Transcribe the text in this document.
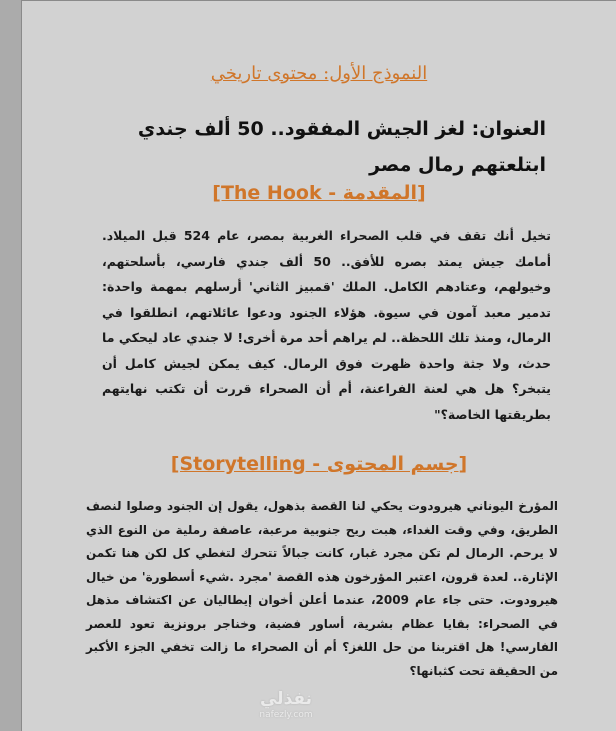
النموذج الأول: محتوى تاريخي
العنوان: لغز الجيش المفقود.. 50 ألف جندي ابتلعتهم رمال مصر
[The Hook - المقدمة]
تخيل أنك تقف في قلب الصحراء الغربية بمصر، عام 524 قبل الميلاد. أمامك جيش يمتد بصره للأفق.. 50 ألف جندي فارسي، بأسلحتهم، وخيولهم، وعتادهم الكامل. الملك 'قمبيز الثاني' أرسلهم بمهمة واحدة: تدمير معبد آمون في سيوة. هؤلاء الجنود ودعوا عائلاتهم، انطلقوا في الرمال، ومنذ تلك اللحظة.. لم يراهم أحد مرة أخرى! لا جندي عاد ليحكي ما حدث، ولا جثة واحدة ظهرت فوق الرمال. كيف يمكن لجيش كامل أن يتبخر؟ هل هي لعنة الفراعنة، أم أن الصحراء قررت أن تكتب نهايتهم بطريقتها الخاصة؟"
[Storytelling - جسم المحتوى]
المؤرخ اليوناني هيرودوت يحكي لنا القصة بذهول، يقول إن الجنود وصلوا لنصف الطريق، وفي وقت الغداء، هبت ريح جنوبية مرعبة، عاصفة رملية من النوع الذي لا يرحم. الرمال لم تكن مجرد غبار، كانت جبالاً تتحرك لتغطي كل لكن هنا تكمن الإثارة.. لعدة قرون، اعتبر المؤرخون هذه القصة 'مجرد .شيء أسطورة' من خيال هيرودوت. حتى جاء عام 2009، عندما أعلن أخوان إيطاليان عن اكتشاف مذهل في الصحراء: بقايا عظام بشرية، أساور فضية، وخناجر برونزية تعود للعصر الفارسي! هل اقتربنا من حل اللغز؟ أم أن الصحراء ما زالت تخفي الجزء الأكبر من الحقيقة تحت كثبانها؟
نفذلي
nafezly.com
